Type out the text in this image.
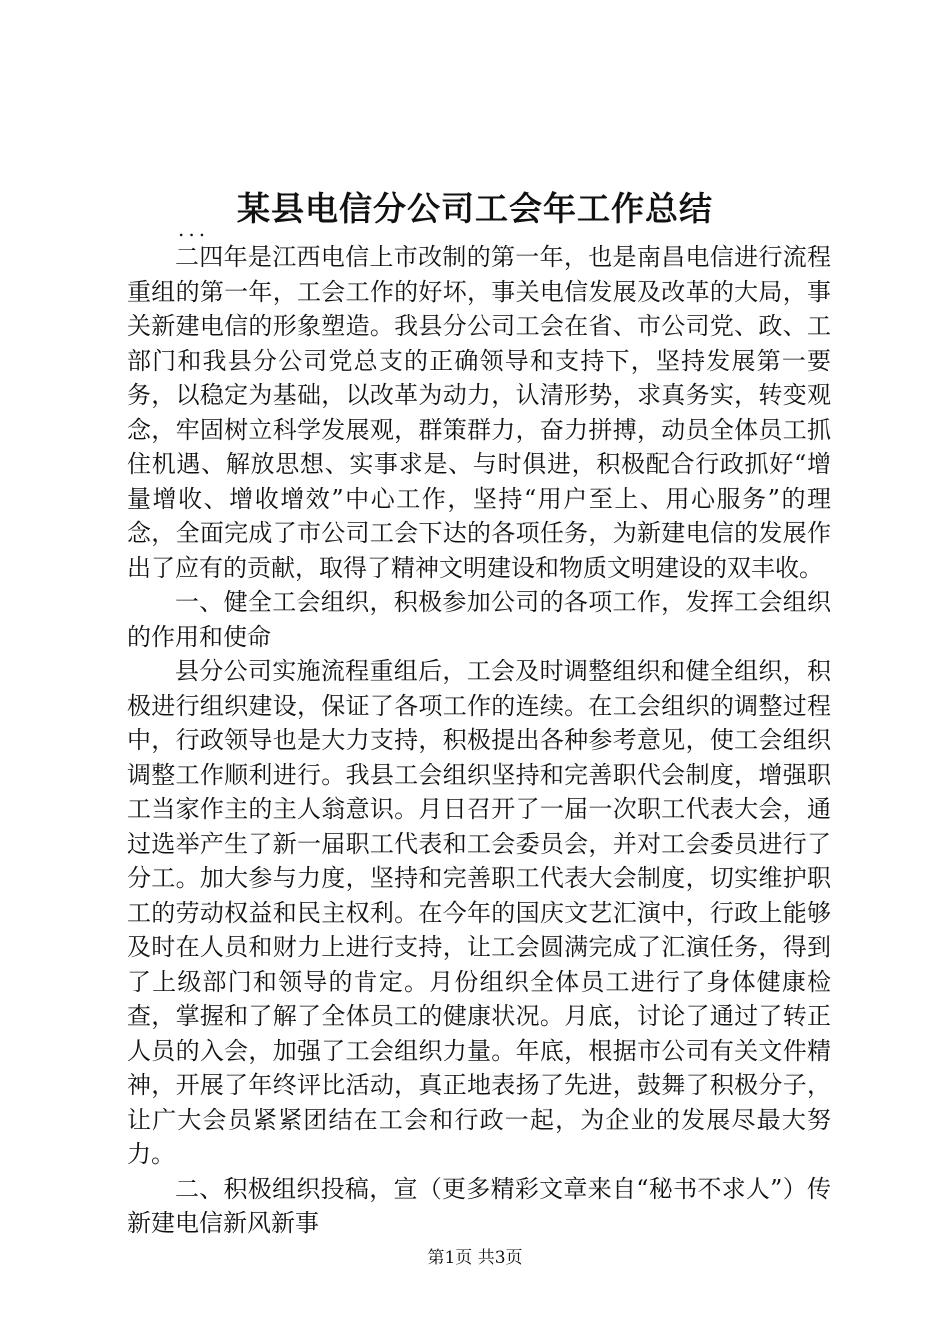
某县电信分公司工会年工作总结
...

二四年是江西电信上市改制的第一年，也是南昌电信进行流程重组的第一年，工会工作的好坏，事关电信发展及改革的大局，事关新建电信的形象塑造。我县分公司工会在省、市公司党、政、工部门和我县分公司党总支的正确领导和支持下，坚持发展第一要务，以稳定为基础，以改革为动力，认清形势，求真务实，转变观念，牢固树立科学发展观，群策群力，奋力拼搏，动员全体员工抓住机遇、解放思想、实事求是、与时俱进，积极配合行政抓好“增量增收、增收增效”中心工作，坚持“用户至上、用心服务”的理念，全面完成了市公司工会下达的各项任务，为新建电信的发展作出了应有的贡献，取得了精神文明建设和物质文明建设的双丰收。

一、健全工会组织，积极参加公司的各项工作，发挥工会组织的作用和使命

县分公司实施流程重组后，工会及时调整组织和健全组织，积极进行组织建设，保证了各项工作的连续。在工会组织的调整过程中，行政领导也是大力支持，积极提出各种参考意见，使工会组织调整工作顺利进行。我县工会组织坚持和完善职代会制度，增强职工当家作主的主人翁意识。月日召开了一届一次职工代表大会，通过选举产生了新一届职工代表和工会委员会，并对工会委员进行了分工。加大参与力度，坚持和完善职工代表大会制度，切实维护职工的劳动权益和民主权利。在今年的国庆文艺汇演中，行政上能够及时在人员和财力上进行支持，让工会圆满完成了汇演任务，得到了上级部门和领导的肯定。月份组织全体员工进行了身体健康检查，掌握和了解了全体员工的健康状况。月底，讨论了通过了转正人员的入会，加强了工会组织力量。年底，根据市公司有关文件精神，开展了年终评比活动，真正地表扬了先进，鼓舞了积极分子，让广大会员紧紧团结在工会和行政一起，为企业的发展尽最大努力。

二、积极组织投稿，宣（更多精彩文章来自“秘书不求人”）传新建电信新风新事

第1页 共3页
